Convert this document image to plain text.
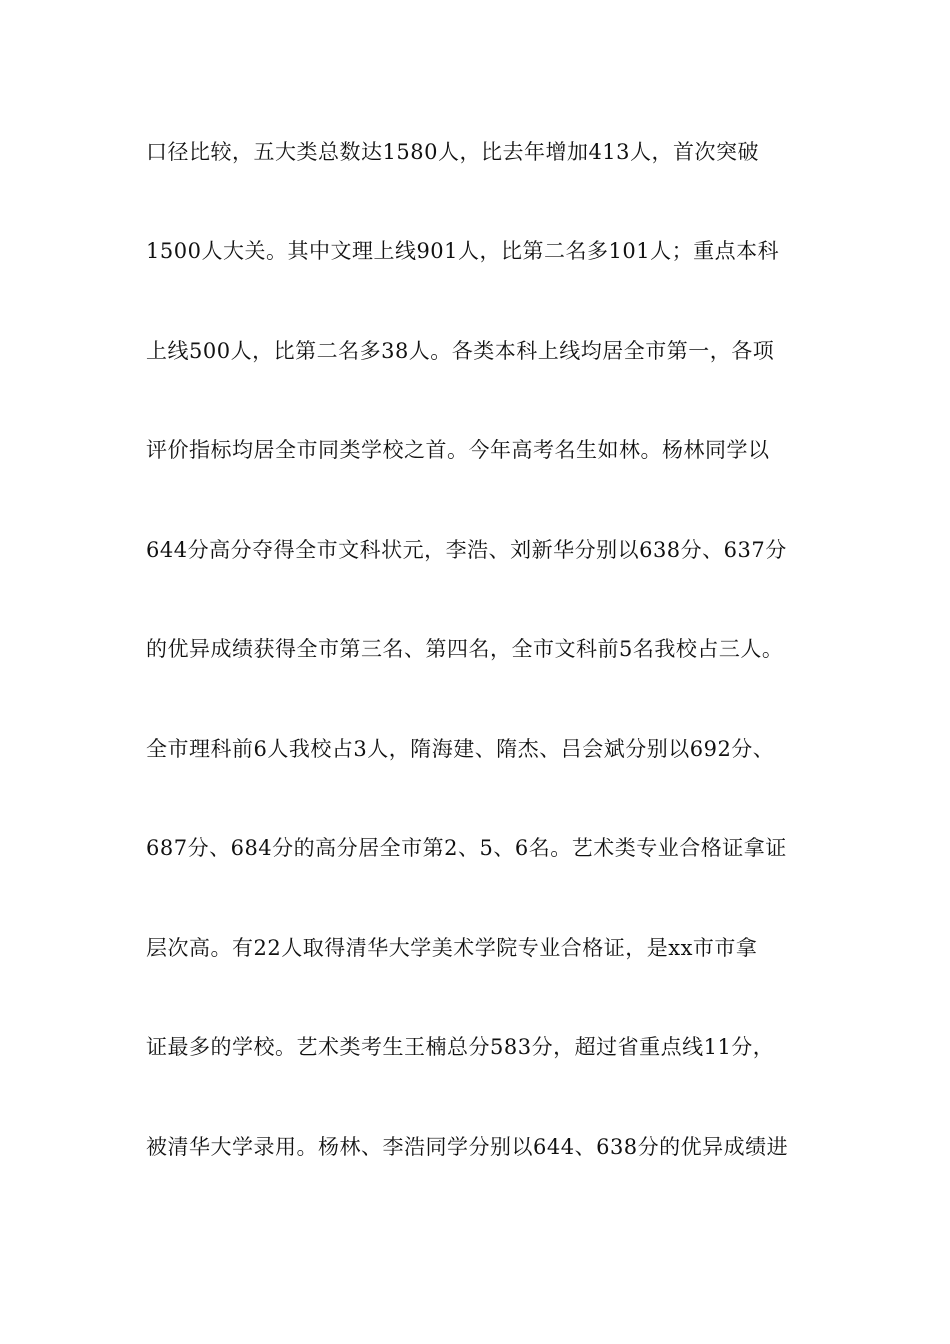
口径比较，五大类总数达1580人，比去年增加413人，首次突破
1500人大关。其中文理上线901人，比第二名多101人；重点本科
上线500人，比第二名多38人。各类本科上线均居全市第一，各项
评价指标均居全市同类学校之首。今年高考名生如林。杨林同学以
644分高分夺得全市文科状元，李浩、刘新华分别以638分、637分
的优异成绩获得全市第三名、第四名，全市文科前5名我校占三人。
全市理科前6人我校占3人，隋海建、隋杰、吕会斌分别以692分、
687分、684分的高分居全市第2、5、6名。艺术类专业合格证拿证
层次高。有22人取得清华大学美术学院专业合格证，是xx市市拿
证最多的学校。艺术类考生王楠总分583分，超过省重点线11分，
被清华大学录用。杨林、李浩同学分别以644、638分的优异成绩进
